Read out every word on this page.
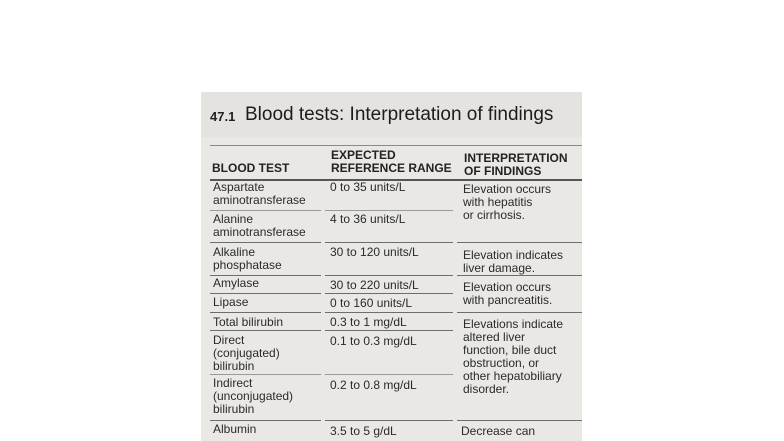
47.1 Blood tests: Interpretation of findings
BLOOD TEST
EXPECTED
REFERENCE RANGE
INTERPRETATION
OF FINDINGS
Aspartate
aminotransferase
Alanine
aminotransferase
Alkaline
phosphatase
Amylase
Lipase
Total bilirubin
Direct
(conjugated)
bilirubin
Indirect
(unconjugated)
bilirubin
Albumin
0 to 35 units/L
4 to 36 units/L
30 to 120 units/L
30 to 220 units/L
0 to 160 units/L
0.3 to 1 mg/dL
0.1 to 0.3 mg/dL
0.2 to 0.8 mg/dL
3.5 to 5 g/dL
Elevation occurs
with hepatitis
or cirrhosis.
Elevation indicates
liver damage.
Elevation occurs
with pancreatitis.
Elevations indicate
altered liver
function, bile duct
obstruction, or
other hepatobiliary
disorder.
Decrease can
